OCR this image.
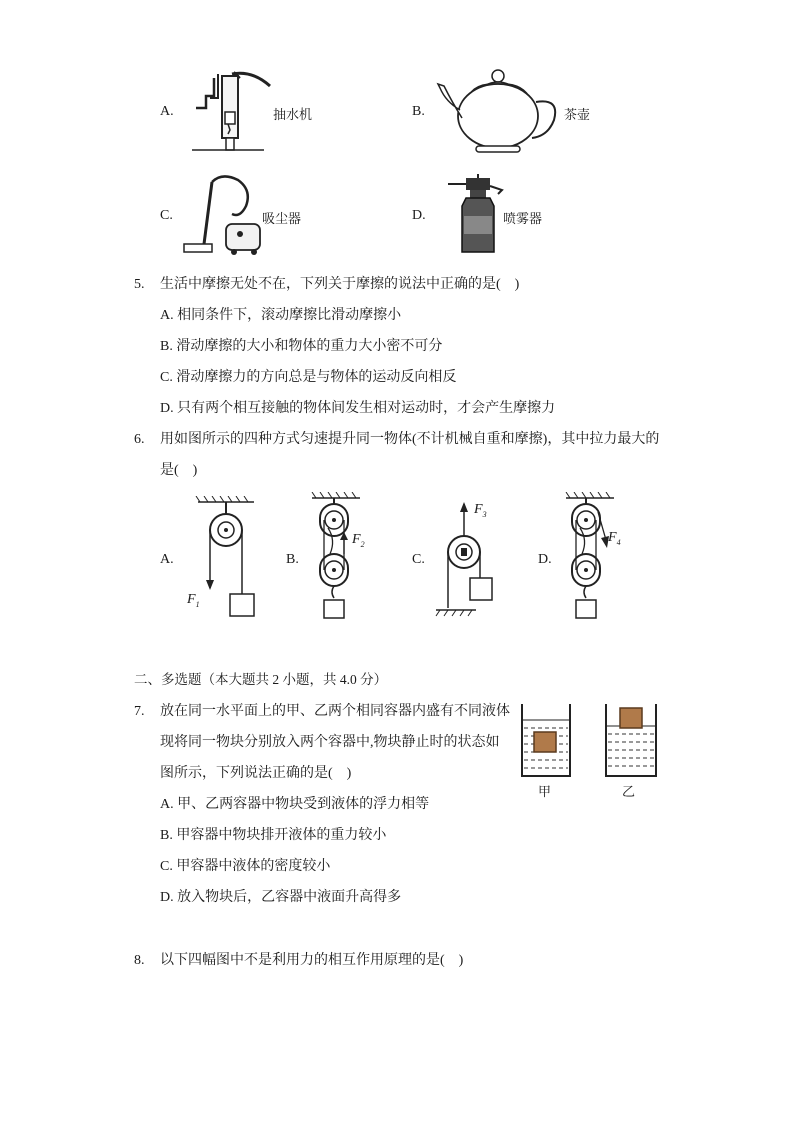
A.	抽水机	B.	茶壶
C.	吸尘器	D.	喷雾器
5. 生活中摩擦无处不在，下列关于摩擦的说法中正确的是(　)
A. 相同条件下，滚动摩擦比滑动摩擦小
B. 滑动摩擦的大小和物体的重力大小密不可分
C. 滑动摩擦力的方向总是与物体的运动反向相反
D. 只有两个相互接触的物体间发生相对运动时，才会产生摩擦力
6. 用如图所示的四种方式匀速提升同一物体(不计机械自重和摩擦)，其中拉力最大的
是(　)
A.
$F_1$
B.
$F_2$
C.
$F_3$
D.
$F_4$
二、多选题（本大题共 2 小题，共 4.0 分）
7. 放在同一水平面上的甲、乙两个相同容器内盛有不同液体
现将同一物块分别放入两个容器中,物块静止时的状态如
图所示，下列说法正确的是(　)
A. 甲、乙两容器中物块受到液体的浮力相等
B. 甲容器中物块排开液体的重力较小
C. 甲容器中液体的密度较小
D. 放入物块后，乙容器中液面升高得多
甲	乙
8. 以下四幅图中不是利用力的相互作用原理的是(　)
